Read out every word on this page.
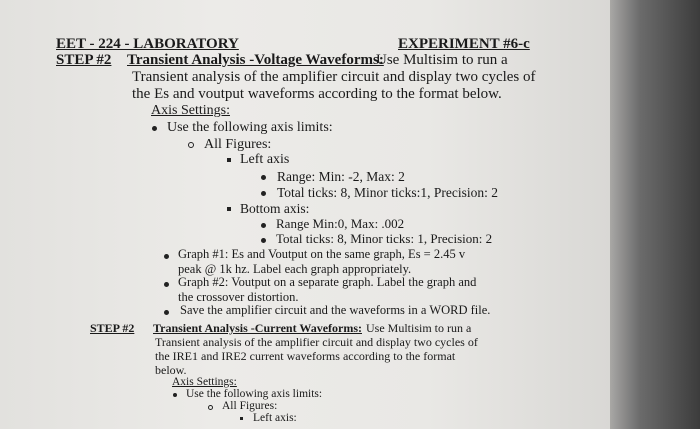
EET - 224 - LABORATORY	EXPERIMENT #6-c
STEP #2 Transient Analysis -Voltage Waveforms:
Use Multisim to run a
Transient analysis of the amplifier circuit and display two cycles of
the Es and voutput waveforms according to the format below.
Axis Settings:
Use the following axis limits:
All Figures:
Left axis
Range: Min: -2, Max: 2
Total ticks: 8, Minor ticks:1, Precision: 2
Bottom axis:
Range Min:0, Max: .002
Total ticks: 8, Minor ticks: 1, Precision: 2
Graph #1: Es and Voutput on the same graph, Es = 2.45 v
peak @ 1k hz. Label each graph appropriately.
Graph #2: Voutput on a separate graph. Label the graph and
the crossover distortion.
Save the amplifier circuit and the waveforms in a WORD file.
STEP #2 Transient Analysis -Current Waveforms: Use Multisim to run a
Transient analysis of the amplifier circuit and display two cycles of
the IRE1 and IRE2 current waveforms according to the format
below.
Axis Settings:
Use the following axis limits:
All Figures:
Left axis:
